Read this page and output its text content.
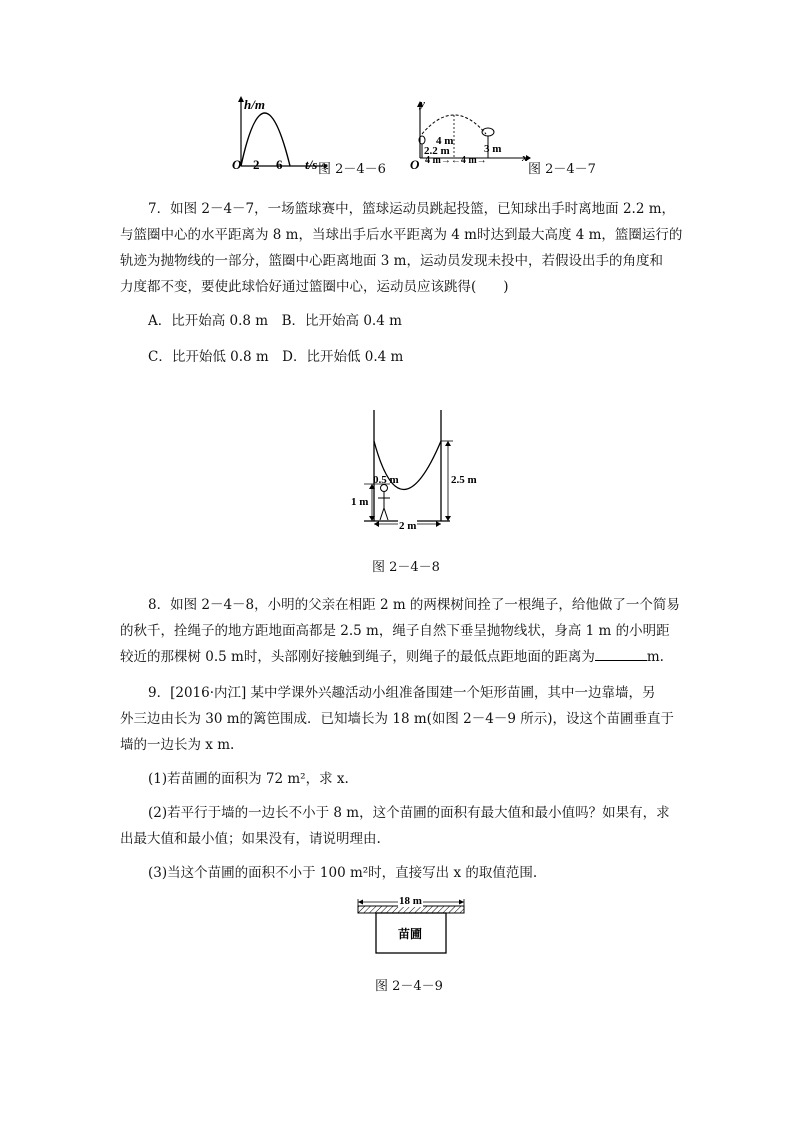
h/m
O 2 6 t/s 图 2－4－6
y
4 m
2.2 m	3 m
O 4 m→←4 m→	x
图 2－4－7
7．如图 2－4－7，一场篮球赛中，篮球运动员跳起投篮，已知球出手时离地面 2.2 m，
与篮圈中心的水平距离为 8 m，当球出手后水平距离为 4 m时达到最大高度 4 m，篮圈运行的
轨迹为抛物线的一部分，篮圈中心距离地面 3 m，运动员发现未投中，若假设出手的角度和
力度都不变，要使此球恰好通过篮圈中心，运动员应该跳得(　　)
A．比开始高 0.8 m　B．比开始高 0.4 m
C．比开始低 0.8 m　D．比开始低 0.4 m
0.5 m
1 m
2.5 m
2 m
图 2－4－8
8．如图 2－4－8，小明的父亲在相距 2 m 的两棵树间拴了一根绳子，给他做了一个简易
的秋千，拴绳子的地方距地面高都是 2.5 m，绳子自然下垂呈抛物线状，身高 1 m 的小明距
较近的那棵树 0.5 m时，头部刚好接触到绳子，则绳子的最低点距地面的距离为	m.
9．[2016·内江] 某中学课外兴趣活动小组准备围建一个矩形苗圃，其中一边靠墙，另
外三边由长为 30 m的篱笆围成．已知墙长为 18 m(如图 2－4－9 所示)，设这个苗圃垂直于
墙的一边长为 x m.
(1)若苗圃的面积为 72 m²，求 x.
(2)若平行于墙的一边长不小于 8 m，这个苗圃的面积有最大值和最小值吗？如果有，求
出最大值和最小值；如果没有，请说明理由.
(3)当这个苗圃的面积不小于 100 m²时，直接写出 x 的取值范围.
18 m
苗圃
图 2－4－9
